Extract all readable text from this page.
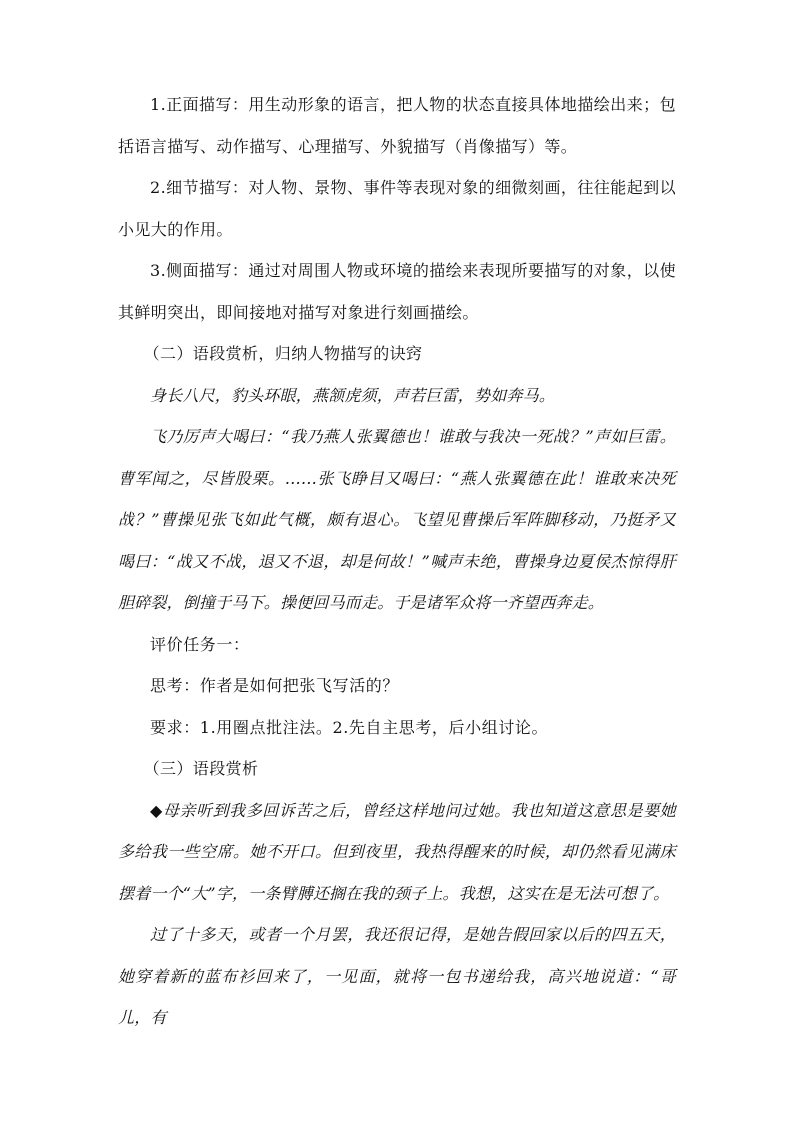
1.正面描写：用生动形象的语言，把人物的状态直接具体地描绘出来；包括语言描写、动作描写、心理描写、外貌描写（肖像描写）等。

2.细节描写：对人物、景物、事件等表现对象的细微刻画，往往能起到以小见大的作用。

3.侧面描写：通过对周围人物或环境的描绘来表现所要描写的对象，以使其鲜明突出，即间接地对描写对象进行刻画描绘。

（二）语段赏析，归纳人物描写的诀窍

身长八尺，豹头环眼，燕颔虎须，声若巨雷，势如奔马。

飞乃厉声大喝曰：“我乃燕人张翼德也！谁敢与我决一死战？”声如巨雷。曹军闻之，尽皆股栗。……张飞睁目又喝曰：“燕人张翼德在此！谁敢来决死战？”曹操见张飞如此气概，颇有退心。飞望见曹操后军阵脚移动，乃挺矛又喝曰：“战又不战，退又不退，却是何故！”喊声未绝，曹操身边夏侯杰惊得肝胆碎裂，倒撞于马下。操便回马而走。于是诸军众将一齐望西奔走。

评价任务一：

思考：作者是如何把张飞写活的？

要求：1.用圈点批注法。2.先自主思考，后小组讨论。

（三）语段赏析

◆母亲听到我多回诉苦之后，曾经这样地问过她。我也知道这意思是要她多给我一些空席。她不开口。但到夜里，我热得醒来的时候，却仍然看见满床摆着一个“大”字，一条臂膊还搁在我的颈子上。我想，这实在是无法可想了。

过了十多天，或者一个月罢，我还很记得，是她告假回家以后的四五天，她穿着新的蓝布衫回来了，一见面，就将一包书递给我，高兴地说道：“哥儿，有
